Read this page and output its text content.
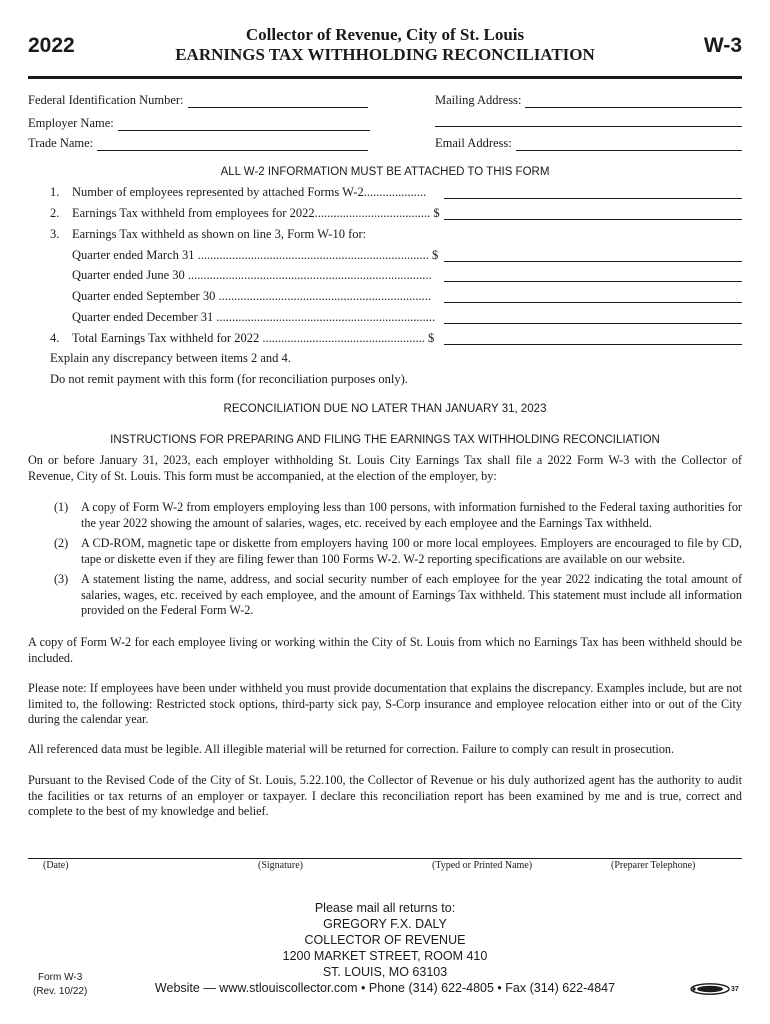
2022	Collector of Revenue, City of St. Louis
EARNINGS TAX WITHHOLDING RECONCILIATION	W-3
Federal Identification Number:
Employer Name:
Trade Name:
Mailing Address:
Email Address:
ALL W-2 INFORMATION MUST BE ATTACHED TO THIS FORM
1. Number of employees represented by attached Forms W-2....................
2. Earnings Tax withheld from employees for 2022..................................... $
3. Earnings Tax withheld as shown on line 3, Form W-10 for:
Quarter ended March 31 .......................................................................... $
Quarter ended June 30 ..............................................................................
Quarter ended September 30 ....................................................................
Quarter ended December 31 ......................................................................
4. Total Earnings Tax withheld for 2022 .................................................... $
Explain any discrepancy between items 2 and 4.
Do not remit payment with this form (for reconciliation purposes only).
RECONCILIATION DUE NO LATER THAN JANUARY 31, 2023
INSTRUCTIONS FOR PREPARING AND FILING THE EARNINGS TAX WITHHOLDING RECONCILIATION
On or before January 31, 2023, each employer withholding St. Louis City Earnings Tax shall file a 2022 Form W-3 with the Collector of Revenue, City of St. Louis. This form must be accompanied, at the election of the employer, by:
(1) A copy of Form W-2 from employers employing less than 100 persons, with information furnished to the Federal taxing authorities for the year 2022 showing the amount of salaries, wages, etc. received by each employee and the Earnings Tax withheld.
(2) A CD-ROM, magnetic tape or diskette from employers having 100 or more local employees. Employers are encouraged to file by CD, tape or diskette even if they are filing fewer than 100 Forms W-2. W-2 reporting specifications are available on our website.
(3) A statement listing the name, address, and social security number of each employee for the year 2022 indicating the total amount of salaries, wages, etc. received by each employee, and the amount of Earnings Tax withheld. This statement must include all information provided on the Federal Form W-2.
A copy of Form W-2 for each employee living or working within the City of St. Louis from which no Earnings Tax has been withheld should be included.
Please note: If employees have been under withheld you must provide documentation that explains the discrepancy. Examples include, but are not limited to, the following: Restricted stock options, third-party sick pay, S-Corp insurance and employee relocation either into or out of the City during the calendar year.
All referenced data must be legible. All illegible material will be returned for correction. Failure to comply can result in prosecution.
Pursuant to the Revised Code of the City of St. Louis, 5.22.100, the Collector of Revenue or his duly authorized agent has the authority to audit the facilities or tax returns of an employer or taxpayer. I declare this reconciliation report has been examined by me and is true, correct and complete to the best of my knowledge and belief.
(Date)	(Signature)	(Typed or Printed Name)	(Preparer Telephone)
Please mail all returns to:
GREGORY F.X. DALY
COLLECTOR OF REVENUE
1200 MARKET STREET, ROOM 410
ST. LOUIS, MO 63103
Website — www.stlouiscollector.com • Phone (314) 622-4805 • Fax (314) 622-4847
Form W-3
(Rev. 10/22)	37
